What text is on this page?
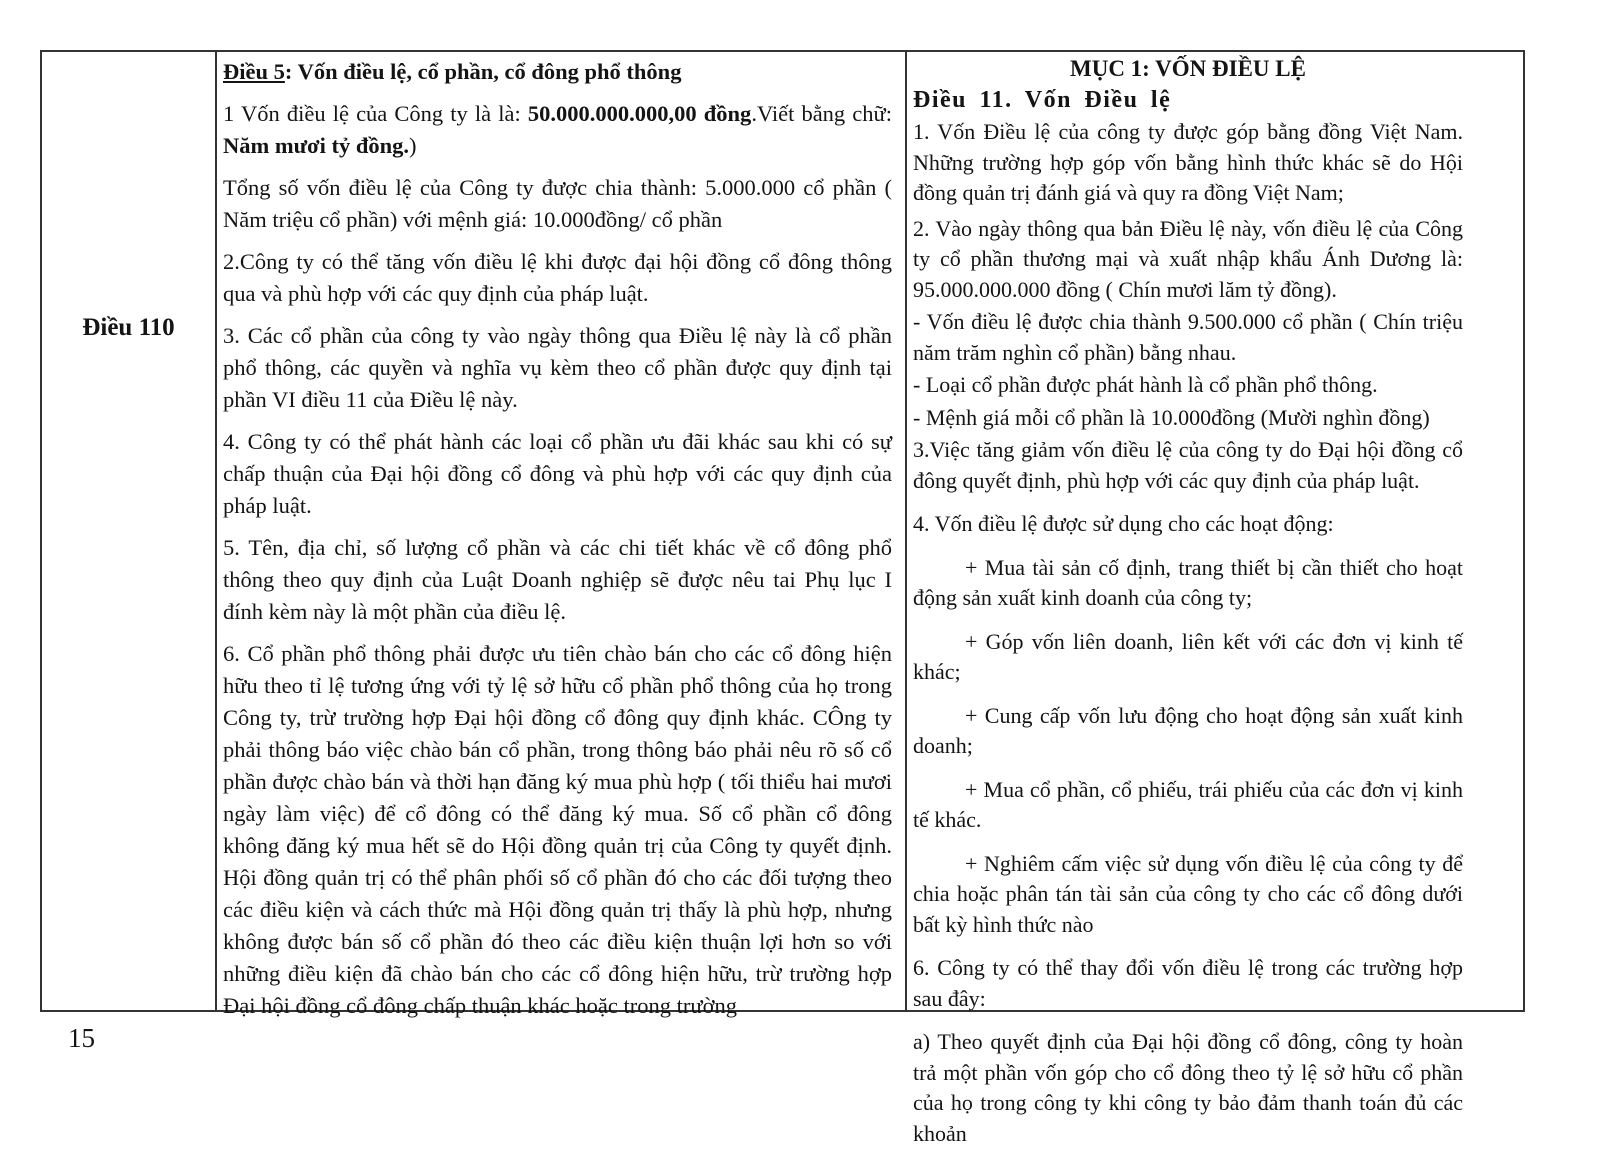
Điều 110

Điều 5: Vốn điều lệ, cổ phần, cổ đông phổ thông

1 Vốn điều lệ của Công ty là là: 50.000.000.000,00 đồng.Viết bằng chữ: Năm mươi tỷ đồng.)

Tổng số vốn điều lệ của Công ty được chia thành: 5.000.000 cổ phần ( Năm triệu cổ phần) với mệnh giá: 10.000đồng/ cổ phần

2.Công ty có thể tăng vốn điều lệ khi được đại hội đồng cổ đông thông qua và phù hợp với các quy định của pháp luật.

3. Các cổ phần của công ty vào ngày thông qua Điều lệ này là cổ phần phổ thông, các quyền và nghĩa vụ kèm theo cổ phần được quy định tại phần VI điều 11 của Điều lệ này.

4. Công ty có thể phát hành các loại cổ phần ưu đãi khác sau khi có sự chấp thuận của Đại hội đồng cổ đông và phù hợp với các quy định của pháp luật.

5. Tên, địa chỉ, số lượng cổ phần và các chi tiết khác về cổ đông phổ thông theo quy định của Luật Doanh nghiệp sẽ được nêu tai Phụ lục I đính kèm này là một phần của điều lệ.

6. Cổ phần phổ thông phải được ưu tiên chào bán cho các cổ đông hiện hữu theo tỉ lệ tương ứng với tỷ lệ sở hữu cổ phần phổ thông của họ trong Công ty, trừ trường hợp Đại hội đồng cổ đông quy định khác. CÔng ty phải thông báo việc chào bán cổ phần, trong thông báo phải nêu rõ số cổ phần được chào bán và thời hạn đăng ký mua phù hợp ( tối thiểu hai mươi ngày làm việc) để cổ đông có thể đăng ký mua. Số cổ phần cổ đông không đăng ký mua hết sẽ do Hội đồng quản trị của Công ty quyết định. Hội đồng quản trị có thể phân phối số cổ phần đó cho các đối tượng theo các điều kiện và cách thức mà Hội đồng quản trị thấy là phù hợp, nhưng không được bán số cổ phần đó theo các điều kiện thuận lợi hơn so với những điều kiện đã chào bán cho các cổ đông hiện hữu, trừ trường hợp Đại hội đồng cổ đông chấp thuận khác hoặc trong trường

MỤC 1: VỐN ĐIỀU LỆ

Điều 11. Vốn Điều lệ

1. Vốn Điều lệ của công ty được góp bằng đồng Việt Nam. Những trường hợp góp vốn bằng hình thức khác sẽ do Hội đồng quản trị đánh giá và quy ra đồng Việt Nam;

2. Vào ngày thông qua bản Điều lệ này, vốn điều lệ của Công ty cổ phần thương mại và xuất nhập khẩu Ánh Dương là: 95.000.000.000 đồng ( Chín mươi lăm tỷ đồng).

- Vốn điều lệ được chia thành 9.500.000 cổ phần ( Chín triệu năm trăm nghìn cổ phần) bằng nhau.

- Loại cổ phần được phát hành là cổ phần phổ thông.

- Mệnh giá mỗi cổ phần là 10.000đồng (Mười nghìn đồng)

3.Việc tăng giảm vốn điều lệ của công ty do Đại hội đồng cổ đông quyết định, phù hợp với các quy định của pháp luật.

4. Vốn điều lệ được sử dụng cho các hoạt động:

+ Mua tài sản cố định, trang thiết bị cần thiết cho hoạt động sản xuất kinh doanh của công ty;

+ Góp vốn liên doanh, liên kết với các đơn vị kinh tế khác;

+ Cung cấp vốn lưu động cho hoạt động sản xuất kinh doanh;

+ Mua cổ phần, cổ phiếu, trái phiếu của các đơn vị kinh tế khác.

+ Nghiêm cấm việc sử dụng vốn điều lệ của công ty để chia hoặc phân tán tài sản của công ty cho các cổ đông dưới bất kỳ hình thức nào

6. Công ty có thể thay đổi vốn điều lệ trong các trường hợp sau đây:

a) Theo quyết định của Đại hội đồng cổ đông, công ty hoàn trả một phần vốn góp cho cổ đông theo tỷ lệ sở hữu cổ phần của họ trong công ty khi công ty bảo đảm thanh toán đủ các khoản

15
